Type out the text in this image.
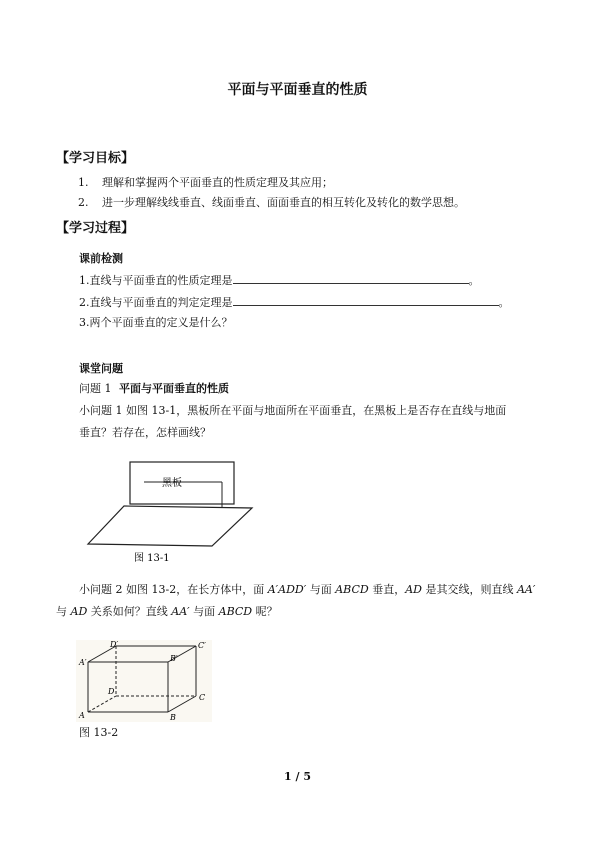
平面与平面垂直的性质
【学习目标】
1. 理解和掌握两个平面垂直的性质定理及其应用；
2. 进一步理解线线垂直、线面垂直、面面垂直的相互转化及转化的数学思想。
【学习过程】
课前检测
1.直线与平面垂直的性质定理是	。
2.直线与平面垂直的判定定理是	。
3.两个平面垂直的定义是什么？
课堂问题
问题 1 平面与平面垂直的性质
小问题 1 如图 13-1，黑板所在平面与地面所在平面垂直，在黑板上是否存在直线与地面
垂直？若存在，怎样画线？
黑板
图 13-1
小问题 2 如图 13-2，在长方体中，面 A′ADD′ 与面 ABCD 垂直，AD 是其交线，则直线 AA′
与 AD 关系如何？直线 AA′ 与面 ABCD 呢？
A′
D′	C′
B′
D
C
A	B
图 13-2
1 / 5
